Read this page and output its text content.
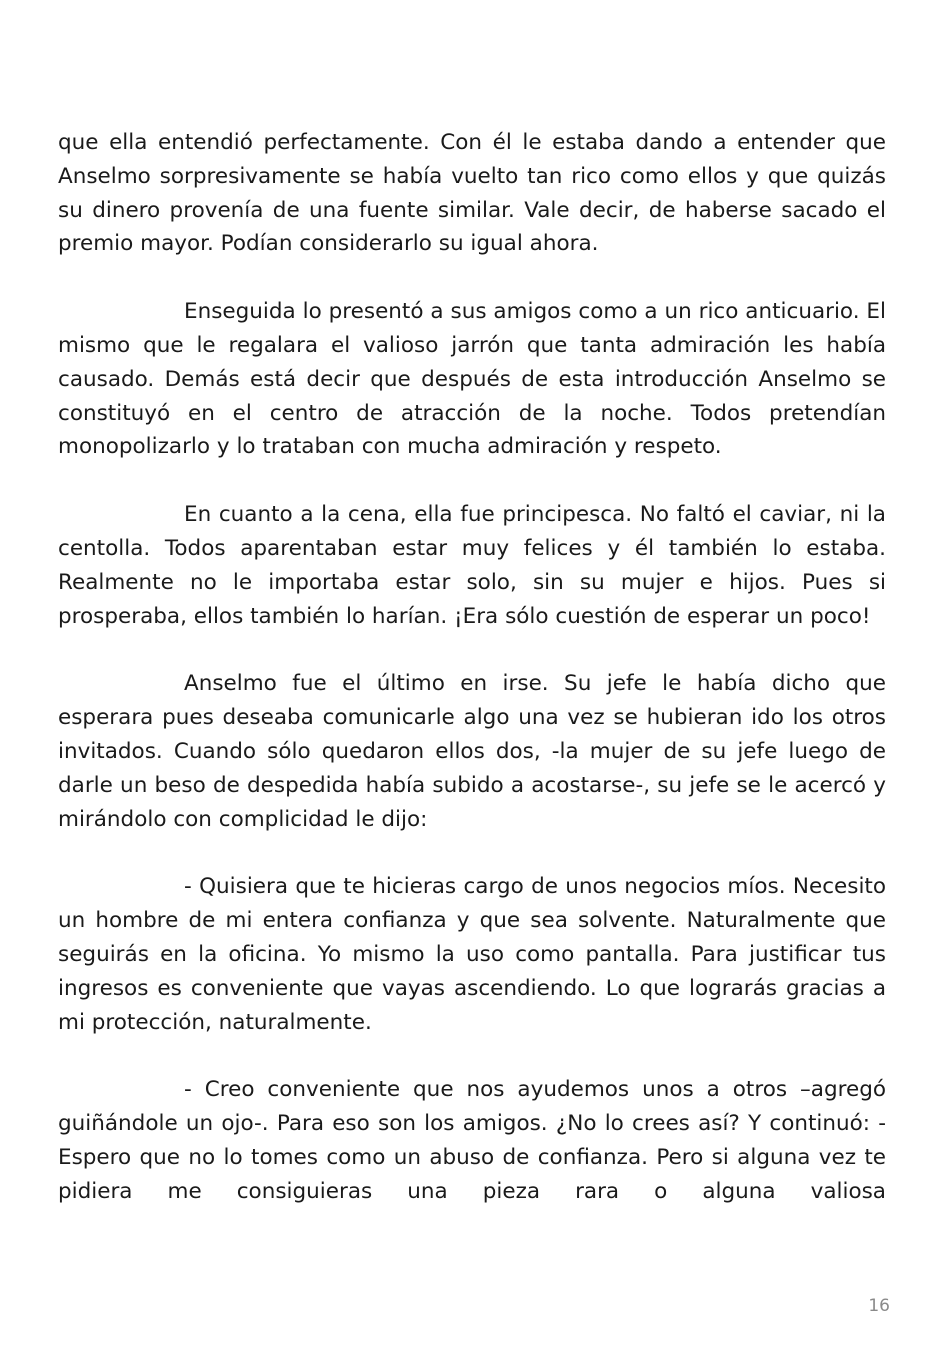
que ella entendió perfectamente. Con él le estaba dando a entender que Anselmo sorpresivamente se había vuelto tan rico como ellos y que quizás su dinero provenía de una fuente similar. Vale decir, de haberse sacado el premio mayor. Podían considerarlo su igual ahora.

Enseguida lo presentó a sus amigos como a un rico anticuario. El mismo que le regalara el valioso jarrón que tanta admiración les había causado. Demás está decir que después de esta introducción Anselmo se constituyó en el centro de atracción de la noche. Todos pretendían monopolizarlo y lo trataban con mucha admiración y respeto.

En cuanto a la cena, ella fue principesca. No faltó el caviar, ni la centolla. Todos aparentaban estar muy felices y él también lo estaba. Realmente no le importaba estar solo, sin su mujer e hijos. Pues si prosperaba, ellos también lo harían. ¡Era sólo cuestión de esperar un poco!

Anselmo fue el último en irse. Su jefe le había dicho que esperara pues deseaba comunicarle algo una vez se hubieran ido los otros invitados. Cuando sólo quedaron ellos dos, -la mujer de su jefe luego de darle un beso de despedida había subido a acostarse-, su jefe se le acercó y mirándolo con complicidad le dijo:

- Quisiera que te hicieras cargo de unos negocios míos. Necesito un hombre de mi entera confianza y que sea solvente. Naturalmente que seguirás en la oficina. Yo mismo la uso como pantalla. Para justificar tus ingresos es conveniente que vayas ascendiendo. Lo que lograrás gracias a mi protección, naturalmente.

- Creo conveniente que nos ayudemos unos a otros –agregó guiñándole un ojo-. Para eso son los amigos. ¿No lo crees así? Y continuó: - Espero que no lo tomes como un abuso de confianza. Pero si alguna vez te pidiera me consiguieras una pieza rara o alguna valiosa

16
